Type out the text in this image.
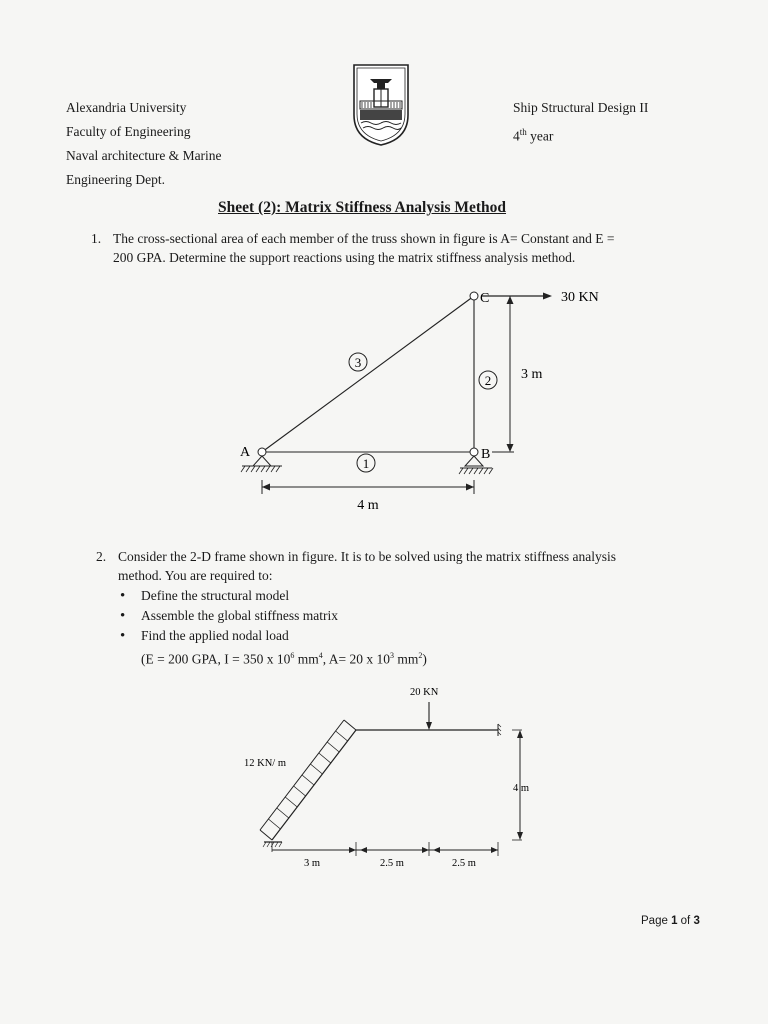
Alexandria University
Faculty of Engineering
Naval architecture & Marine
Engineering Dept.
Ship Structural Design II
4th year
Sheet (2): Matrix Stiffness Analysis Method
1. The cross-sectional area of each member of the truss shown in figure is A= Constant and E =

200 GPA. Determine the support reactions using the matrix stiffness analysis method.

A	B
C
1
2
3
30 KN
3 m
4 m
2. Consider the 2-D frame shown in figure. It is to be solved using the matrix stiffness analysis

method. You are required to:

• Define the structural model
• Assemble the global stiffness matrix
• Find the applied nodal load
(E = 200 GPA, I = 350 x $10^6$ $mm^4$, A= 20 x $10^3$ $mm^2$)
12 KN/ m
20 KN
4 m
3 m	2.5 m	2.5 m
Page 1 of 3
